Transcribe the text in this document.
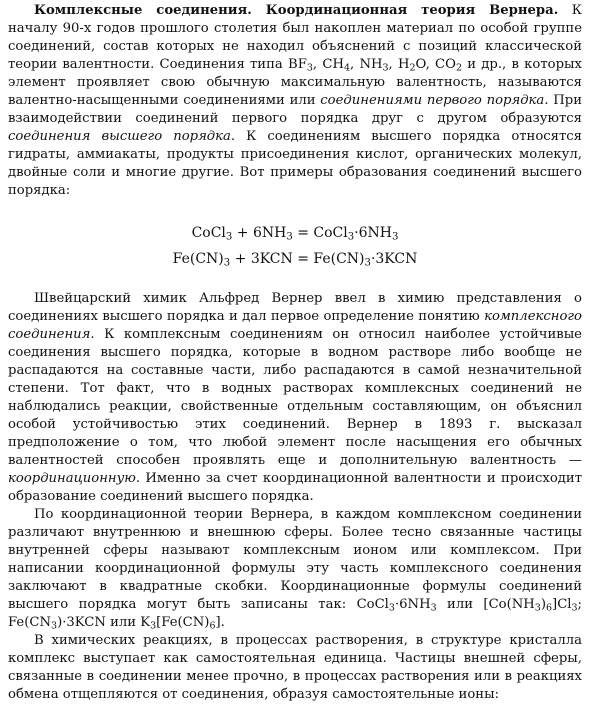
Комплексные соединения. Координационная теория Вернера. К началу 90-х годов прошлого столетия был накоплен материал по особой группе соединений, состав которых не находил объяснений с позиций классической теории валентности. Соединения типа $BF_3$, $CH_4$, $NH_3$, $H_2O$, $CO_2$ и др., в которых элемент проявляет свою обычную максимальную валентность, называются валентно-насыщенными соединениями или соединениями первого порядка. При взаимодействии соединений первого порядка друг с другом образуются соединения высшего порядка. К соединениям высшего порядка относятся гидраты, аммиакаты, продукты присоединения кислот, органических молекул, двойные соли и многие другие. Вот примеры образования соединений высшего порядка:

CoCl$_3$ + $6NH_3$ = $CoCl_3\cdot 6NH_3$
$Fe(CN)_3 + 3KCN = Fe(CN)_3\cdot 3KCN$

Швейцарский химик Альфред Вернер ввел в химию представления о соединениях высшего порядка и дал первое определение понятию комплексного соединения. К комплексным соединениям он относил наиболее устойчивые соединения высшего порядка, которые в водном растворе либо вообще не распадаются на составные части, либо распадаются в самой незначительной степени. Тот факт, что в водных растворах комплексных соединений не наблюдались реакции, свойственные отдельным составляющим, он объяснил особой устойчивостью этих соединений. Вернер в 1893 г. высказал предположение о том, что любой элемент после насыщения его обычных валентностей способен проявлять еще и дополнительную валентность — координационную. Именно за счет координационной валентности и происходит образование соединений высшего порядка.

По координационной теории Вернера, в каждом комплексном соединении различают внутреннюю и внешнюю сферы. Более тесно связанные частицы внутренней сферы называют комплексным ионом или комплексом. При написании координационной формулы эту часть комплексного соединения заключают в квадратные скобки. Координационные формулы соединений высшего порядка могут быть записаны так: $CoCl_3\cdot 6NH_3$ или $[Co(NH_3)_6]Cl_3$; $Fe(CN_3)\cdot 3KCN$ или $K_3[Fe(CN)_6]$.

В химических реакциях, в процессах растворения, в структуре кристалла комплекс выступает как самостоятельная единица. Частицы внешней сферы, связанные в соединении менее прочно, в процессах растворения или в реакциях обмена отщепляются от соединения, образуя самостоятельные ионы:
